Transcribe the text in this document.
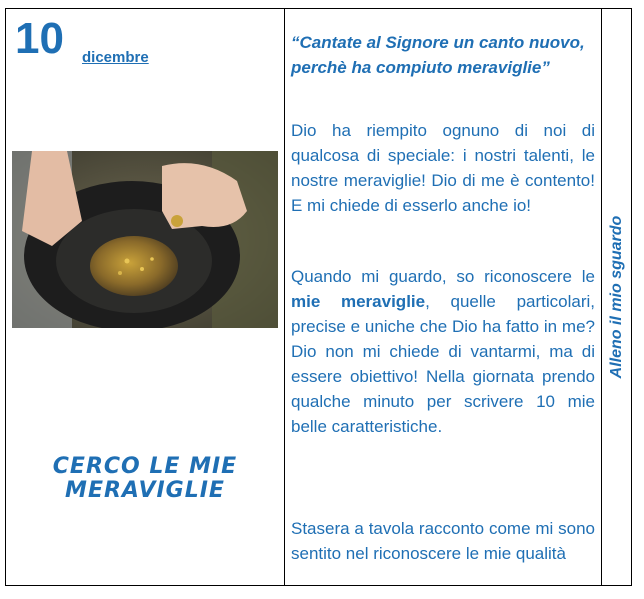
10 dicembre
CERCO LE MIE
MERAVIGLIE
“Cantate al Signore un canto nuovo,
perchè ha compiuto meraviglie”
Dio ha riempito ognuno di noi di qualcosa di speciale: i nostri talenti, le nostre meraviglie! Dio di me è contento! E mi chiede di esserlo anche io!
Quando mi guardo, so riconoscere le mie meraviglie, quelle particolari, precise e uniche che Dio ha fatto in me? Dio non mi chiede di vantarmi, ma di essere obiettivo! Nella giornata prendo qualche minuto per scrivere 10 mie belle caratteristiche.
Stasera a tavola racconto come mi sono sentito nel riconoscere le mie qualità
Alleno il mio sguardo
